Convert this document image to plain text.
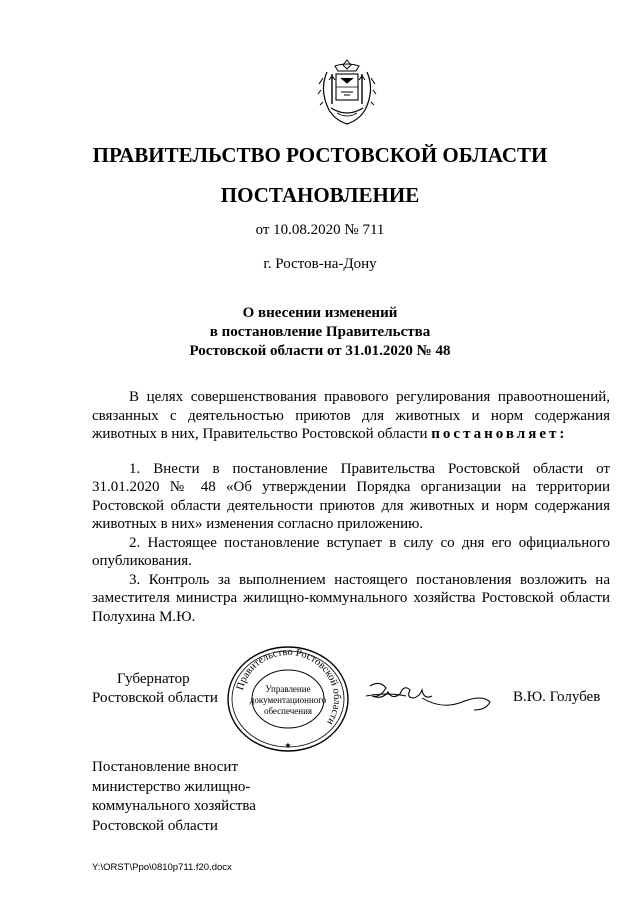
ПРАВИТЕЛЬСТВО РОСТОВСКОЙ ОБЛАСТИ
ПОСТАНОВЛЕНИЕ
от 10.08.2020 № 711
г. Ростов-на-Дону
О внесении изменений
в постановление Правительства
Ростовской области от 31.01.2020 № 48

В целях совершенствования правового регулирования правоотношений, связанных с деятельностью приютов для животных и норм содержания животных в них, Правительство Ростовской области постановляет:

1. Внести в постановление Правительства Ростовской области от 31.01.2020 № 48 «Об утверждении Порядка организации на территории Ростовской области деятельности приютов для животных и норм содержания животных в них» изменения согласно приложению.

2. Настоящее постановление вступает в силу со дня его официального опубликования.

3. Контроль за выполнением настоящего постановления возложить на заместителя министра жилищно-коммунального хозяйства Ростовской области Полухина М.Ю.

Губернатор
Ростовской области
Правительство Ростовской области
Управление
документационного
обеспечения
★
В.Ю. Голубев
Постановление вносит
министерство жилищно-
коммунального хозяйства
Ростовской области
Y:\ORST\Ppo\0810p711.f20.docx
